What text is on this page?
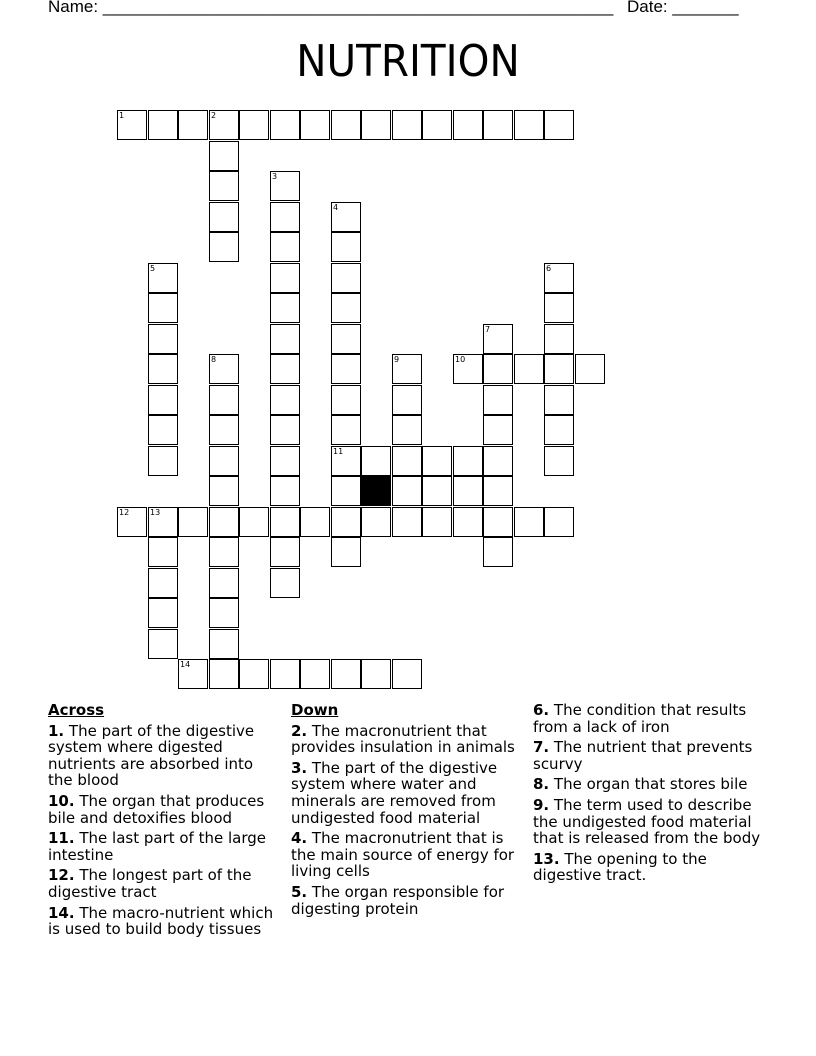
Name: ______________________________________________________ Date: _______
NUTRITION
1	2
3
4
11
5	6
7
10
8	9
12	13
14
Across
1. The part of the digestive system where digested nutrients are absorbed into the blood
10. The organ that produces bile and detoxifies blood
11. The last part of the large intestine
12. The longest part of the digestive tract
14. The macro-nutrient which is used to build body tissues
Down
2. The macronutrient that provides insulation in animals
3. The part of the digestive system where water and minerals are removed from undigested food material
4. The macronutrient that is the main source of energy for living cells
5. The organ responsible for digesting protein
6. The condition that results from a lack of iron
7. The nutrient that prevents scurvy
8. The organ that stores bile
9. The term used to describe the undigested food material that is released from the body
13. The opening to the digestive tract.
